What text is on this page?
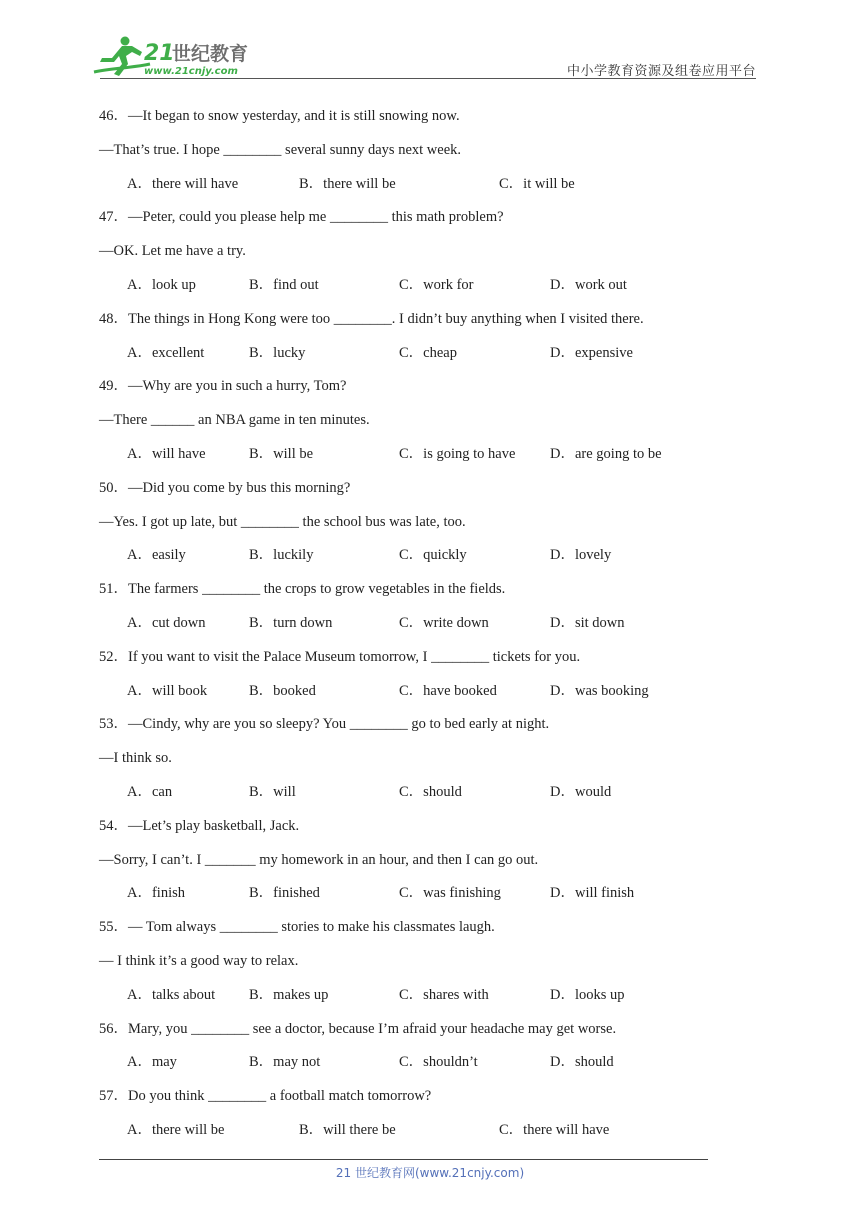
21
世纪教育
www.21cnjy.com	中小学教育资源及组卷应用平台
46．—It began to snow yesterday, and it is still snowing now.
—That’s true. I hope ________ several sunny days next week.
A．there will have	B．there will be	C．it will be
47．—Peter, could you please help me ________ this math problem?
—OK. Let me have a try.
A．look up	B．find out	C．work for	D．work out
48．The things in Hong Kong were too ________. I didn’t buy anything when I visited there.
A．excellent	B．lucky	C．cheap	D．expensive
49．—Why are you in such a hurry, Tom?
—There ______ an NBA game in ten minutes.
A．will have	B．will be	C．is going to have D．are going to be
50．—Did you come by bus this morning?
—Yes. I got up late, but ________ the school bus was late, too.
A．easily	B．luckily	C．quickly	D．lovely
51．The farmers ________ the crops to grow vegetables in the fields.
A．cut down	B．turn down	C．write down	D．sit down
52．If you want to visit the Palace Museum tomorrow, I ________ tickets for you.
A．will book	B．booked	C．have booked	D．was booking
53．—Cindy, why are you so sleepy? You ________ go to bed early at night.
—I think so.
A．can	B．will	C．should	D．would
54．—Let’s play basketball, Jack.
—Sorry, I can’t. I _______ my homework in an hour, and then I can go out.
A．finish	B．finished	C．was finishing	D．will finish
55．— Tom always ________ stories to make his classmates laugh.
— I think it’s a good way to relax.
A．talks about B．makes up	C．shares with	D．looks up
56．Mary, you ________ see a doctor, because I’m afraid your headache may get worse.
A．may	B．may not	C．shouldn’t	D．should
57．Do you think ________ a football match tomorrow?
A．there will be	B．will there be	C．there will have
21 世纪教育网(www.21cnjy.com)
